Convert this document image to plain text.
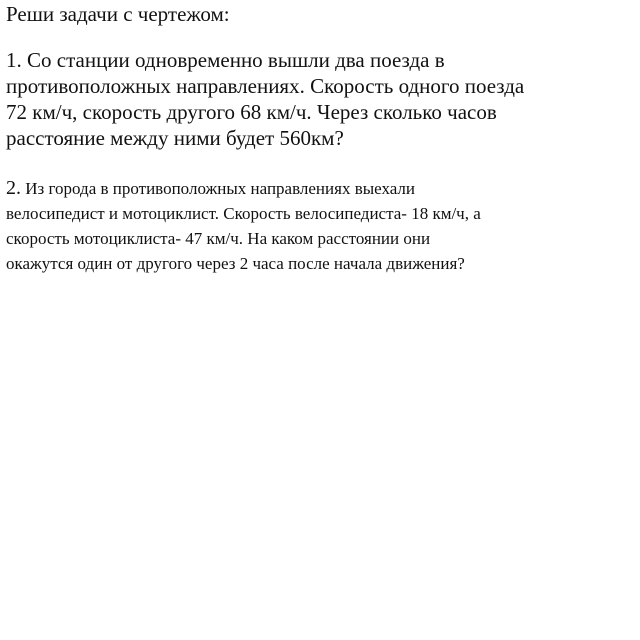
Реши задачи с чертежом:
1. Со станции одновременно вышли два поезда в
противоположных направлениях. Скорость одного поезда
72 км/ч, скорость другого 68 км/ч. Через сколько часов
расстояние между ними будет 560км?
2. Из города в противоположных направлениях выехали
велосипедист и мотоциклист. Скорость велосипедиста- 18 км/ч, а
скорость мотоциклиста- 47 км/ч. На каком расстоянии они
окажутся один от другого через 2 часа после начала движения?
